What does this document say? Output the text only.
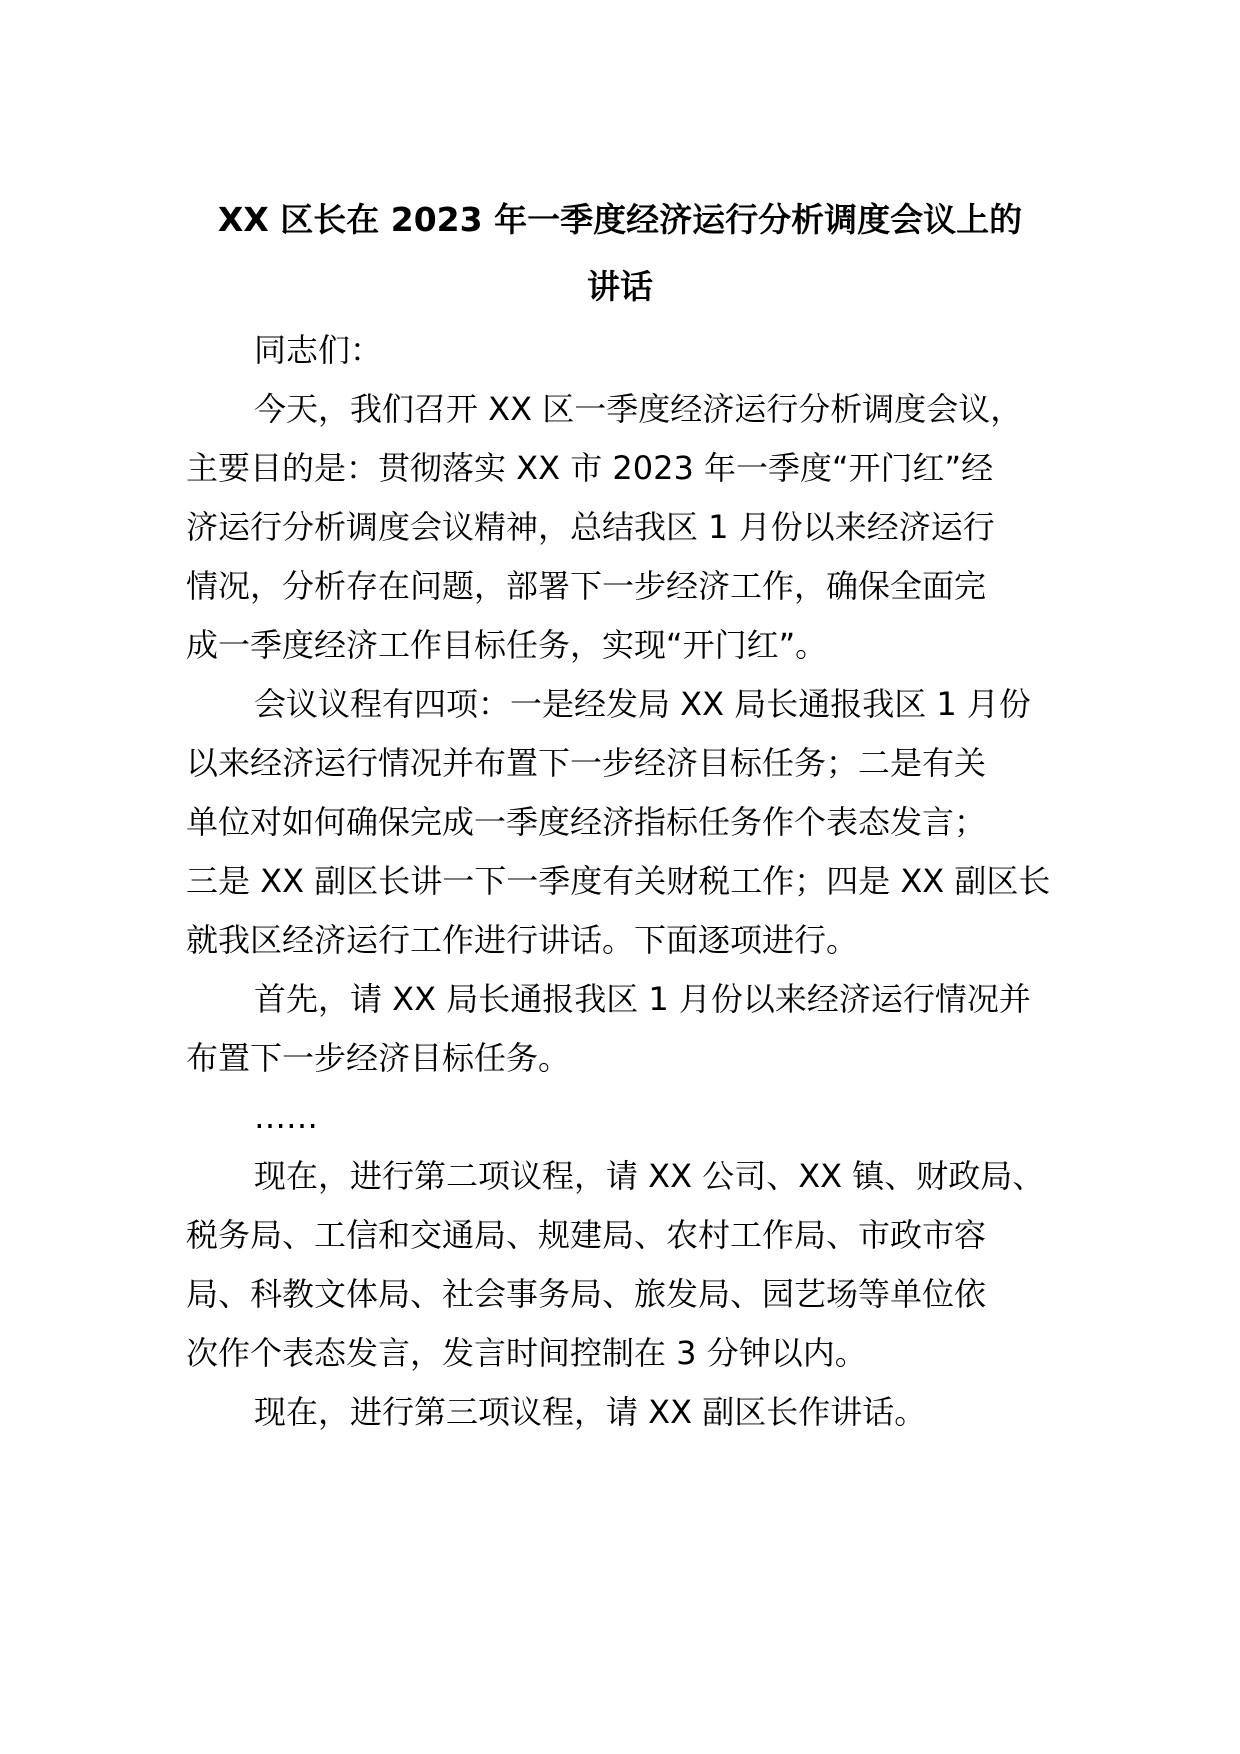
XX 区长在 2023 年一季度经济运行分析调度会议上的
讲话

同志们：

今天，我们召开 XX 区一季度经济运行分析调度会议，

主要目的是：贯彻落实 XX 市 2023 年一季度“开门红”经

济运行分析调度会议精神，总结我区 1 月份以来经济运行

情况，分析存在问题，部署下一步经济工作，确保全面完

成一季度经济工作目标任务，实现“开门红”。

会议议程有四项：一是经发局 XX 局长通报我区 1 月份

以来经济运行情况并布置下一步经济目标任务；二是有关

单位对如何确保完成一季度经济指标任务作个表态发言；

三是 XX 副区长讲一下一季度有关财税工作；四是 XX 副区长

就我区经济运行工作进行讲话。下面逐项进行。

首先，请 XX 局长通报我区 1 月份以来经济运行情况并

布置下一步经济目标任务。

……

现在，进行第二项议程，请 XX 公司、XX 镇、财政局、

税务局、工信和交通局、规建局、农村工作局、市政市容

局、科教文体局、社会事务局、旅发局、园艺场等单位依

次作个表态发言，发言时间控制在 3 分钟以内。

现在，进行第三项议程，请 XX 副区长作讲话。
